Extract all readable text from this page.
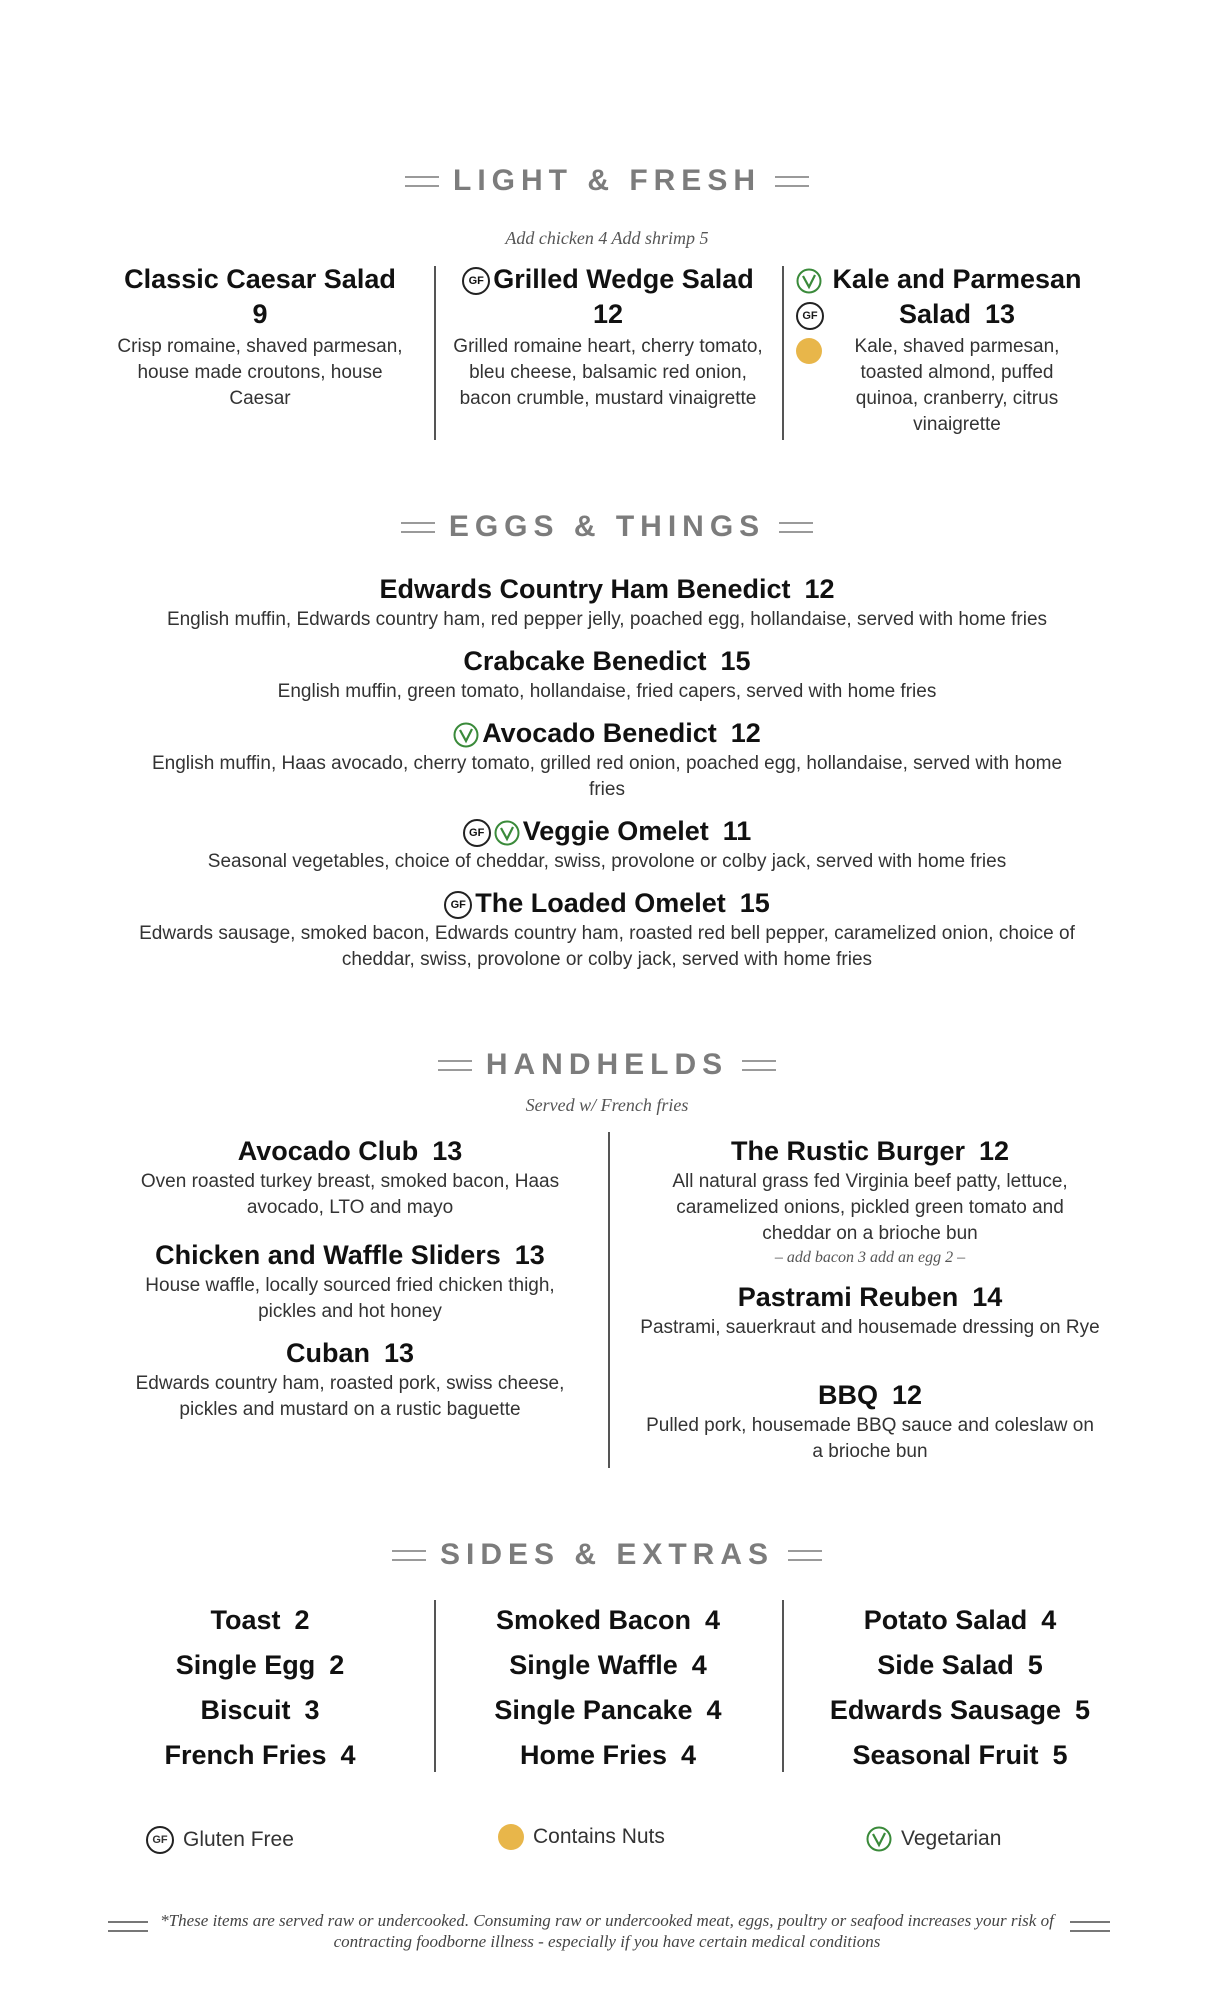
LIGHT & FRESH
Add chicken 4 Add shrimp 5
Classic Caesar Salad
9
Crisp romaine, shaved parmesan, house made croutons, house Caesar
GF Grilled Wedge Salad
12
Grilled romaine heart, cherry tomato, bleu cheese, balsamic red onion, bacon crumble, mustard vinaigrette
GF
Kale and Parmesan Salad 13
Kale, shaved parmesan, toasted almond, puffed quinoa, cranberry, citrus vinaigrette
EGGS & THINGS
Edwards Country Ham Benedict 12
English muffin, Edwards country ham, red pepper jelly, poached egg, hollandaise, served with home fries
Crabcake Benedict 15
English muffin, green tomato, hollandaise, fried capers, served with home fries
Avocado Benedict 12
English muffin, Haas avocado, cherry tomato, grilled red onion, poached egg, hollandaise, served with home fries
GF Veggie Omelet 11
Seasonal vegetables, choice of cheddar, swiss, provolone or colby jack, served with home fries
GF The Loaded Omelet 15
Edwards sausage, smoked bacon, Edwards country ham, roasted red bell pepper, caramelized onion, choice of cheddar, swiss, provolone or colby jack, served with home fries
HANDHELDS
Served w/ French fries
Avocado Club 13
Oven roasted turkey breast, smoked bacon, Haas avocado, LTO and mayo
Chicken and Waffle Sliders 13
House waffle, locally sourced fried chicken thigh, pickles and hot honey
Cuban 13
Edwards country ham, roasted pork, swiss cheese, pickles and mustard on a rustic baguette
The Rustic Burger 12
All natural grass fed Virginia beef patty, lettuce, caramelized onions, pickled green tomato and cheddar on a brioche bun
– add bacon 3 add an egg 2 –
Pastrami Reuben 14
Pastrami, sauerkraut and housemade dressing on Rye
BBQ 12
Pulled pork, housemade BBQ sauce and coleslaw on a brioche bun
SIDES & EXTRAS
Toast 2
Single Egg 2
Biscuit 3
French Fries 4
Smoked Bacon 4
Single Waffle 4
Single Pancake 4
Home Fries 4
Potato Salad 4
Side Salad 5
Edwards Sausage 5
Seasonal Fruit 5
GF Gluten Free	Contains Nuts	Vegetarian
*These items are served raw or undercooked. Consuming raw or undercooked meat, eggs, poultry or seafood increases your risk of contracting foodborne illness - especially if you have certain medical conditions
